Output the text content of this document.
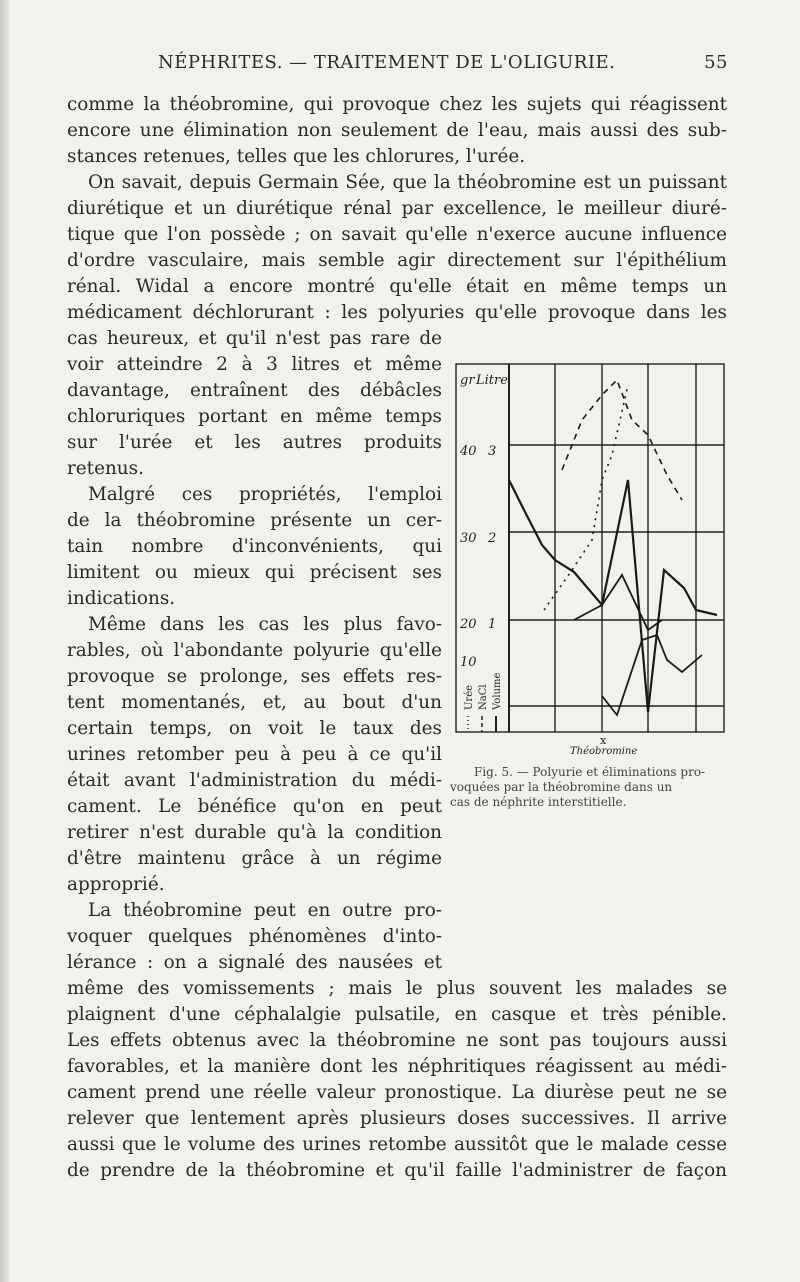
NÉPHRITES. — TRAITEMENT DE L'OLIGURIE.	55
comme la théobromine, qui provoque chez les sujets qui réagissent
encore une élimination non seulement de l'eau, mais aussi des sub-
stances retenues, telles que les chlorures, l'urée.
On savait, depuis Germain Sée, que la théobromine est un puissant
diurétique et un diurétique rénal par excellence, le meilleur diuré-
tique que l'on possède ; on savait qu'elle n'exerce aucune influence
d'ordre vasculaire, mais semble agir directement sur l'épithélium
rénal. Widal a encore montré qu'elle était en même temps un
médicament déchlorurant : les polyuries qu'elle provoque dans les
cas heureux, et qu'il n'est pas rare de
voir atteindre 2 à 3 litres et même
davantage, entraînent des débâcles
chloruriques portant en même temps
sur l'urée et les autres produits
retenus.
Malgré ces propriétés, l'emploi
de la théobromine présente un cer-
tain nombre d'inconvénients, qui
limitent ou mieux qui précisent ses
indications.
Même dans les cas les plus favo-
rables, où l'abondante polyurie qu'elle
provoque se prolonge, ses effets res-
tent momentanés, et, au bout d'un
certain temps, on voit le taux des
urines retomber peu à peu à ce qu'il
était avant l'administration du médi-
cament. Le bénéfice qu'on en peut
retirer n'est durable qu'à la condition
d'être maintenu grâce à un régime
approprié.
La théobromine peut en outre pro-
voquer quelques phénomènes d'into-
lérance : on a signalé des nausées et
même des vomissements ; mais le plus souvent les malades se
plaignent d'une céphalalgie pulsatile, en casque et très pénible.
Les effets obtenus avec la théobromine ne sont pas toujours aussi
favorables, et la manière dont les néphritiques réagissent au médi-
cament prend une réelle valeur pronostique. La diurèse peut ne se
relever que lentement après plusieurs doses successives. Il arrive
aussi que le volume des urines retombe aussitôt que le malade cesse
de prendre de la théobromine et qu'il faille l'administrer de façon
gr Litre
40 3
30 2
20 1
10
Urée NaCl Volume
x
Théobromine
Fig. 5. — Polyurie et éliminations pro-
voquées par la théobromine dans un
cas de néphrite interstitielle.
